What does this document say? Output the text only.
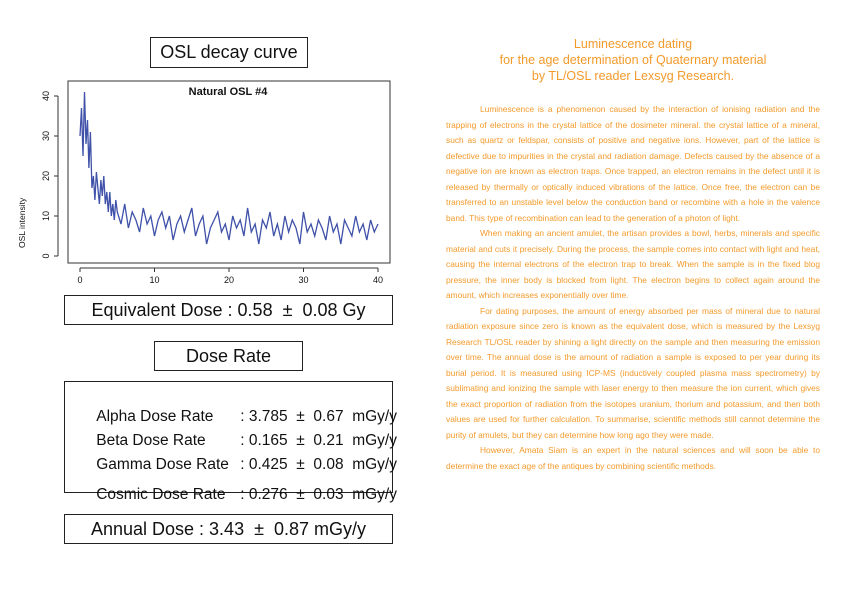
OSL decay curve
Natural OSL #4
OSL intensity
0
10
20
30
40
0	10	20	30	40
Equivalent Dose : 0.58 ± 0.08
Gy
Dose Rate

Alpha Dose Rate : 3.785  ±  0.67 mGy/y

Beta Dose Rate : 0.165  ±  0.21 mGy/y

Gamma Dose Rate : 0.425  ±  0.08 mGy/y

Cosmic Dose Rate : 0.276  ±  0.03 mGy/y

Annual Dose : 3.43 ± 0.87
mGy/y
Luminescence dating
for the age determination of Quaternary material
by TL/OSL reader Lexsyg Research.

Luminescence is a phenomenon caused by the interaction of ionising radiation and the trapping of electrons in the crystal lattice of the dosimeter mineral. the crystal lattice of a mineral, such as quartz or feldspar, consists of positive and negative ions. However, part of the lattice is defective due to impurities in the crystal and radiation damage. Defects caused by the absence of a negative ion are known as electron traps. Once trapped, an electron remains in the defect until it is released by thermally or optically induced vibrations of the lattice. Once free, the electron can be transferred to an unstable level below the conduction band or recombine with a hole in the valence band. This type of recombination can lead to the generation of a photon of light.

When making an ancient amulet, the artisan provides a bowl, herbs, minerals and specific material and cuts it precisely. During the process, the sample comes into contact with light and heat, causing the internal electrons of the electron trap to break. When the sample is in the fixed blog pressure, the inner body is blocked from light. The electron begins to collect again around the amount, which increases exponentially over time.

For dating purposes, the amount of energy absorbed per mass of mineral due to natural radiation exposure since zero is known as the equivalent dose, which is measured by the Lexsyg Research TL/OSL reader by shining a light directly on the sample and then measuring the emission over time. The annual dose is the amount of radiation a sample is exposed to per year during its burial period. It is measured using ICP-MS (inductively coupled plasma mass spectrometry) by sublimating and ionizing the sample with laser energy to then measure the ion current, which gives the exact proportion of radiation from the isotopes uranium, thorium and potassium, and then both values are used for further calculation. To summarise, scientific methods still cannot determine the purity of amulets, but they can determine how long ago they were made.

However, Amata Siam is an expert in the natural sciences and will soon be able to determine the exact age of the antiques by combining scientific methods.
